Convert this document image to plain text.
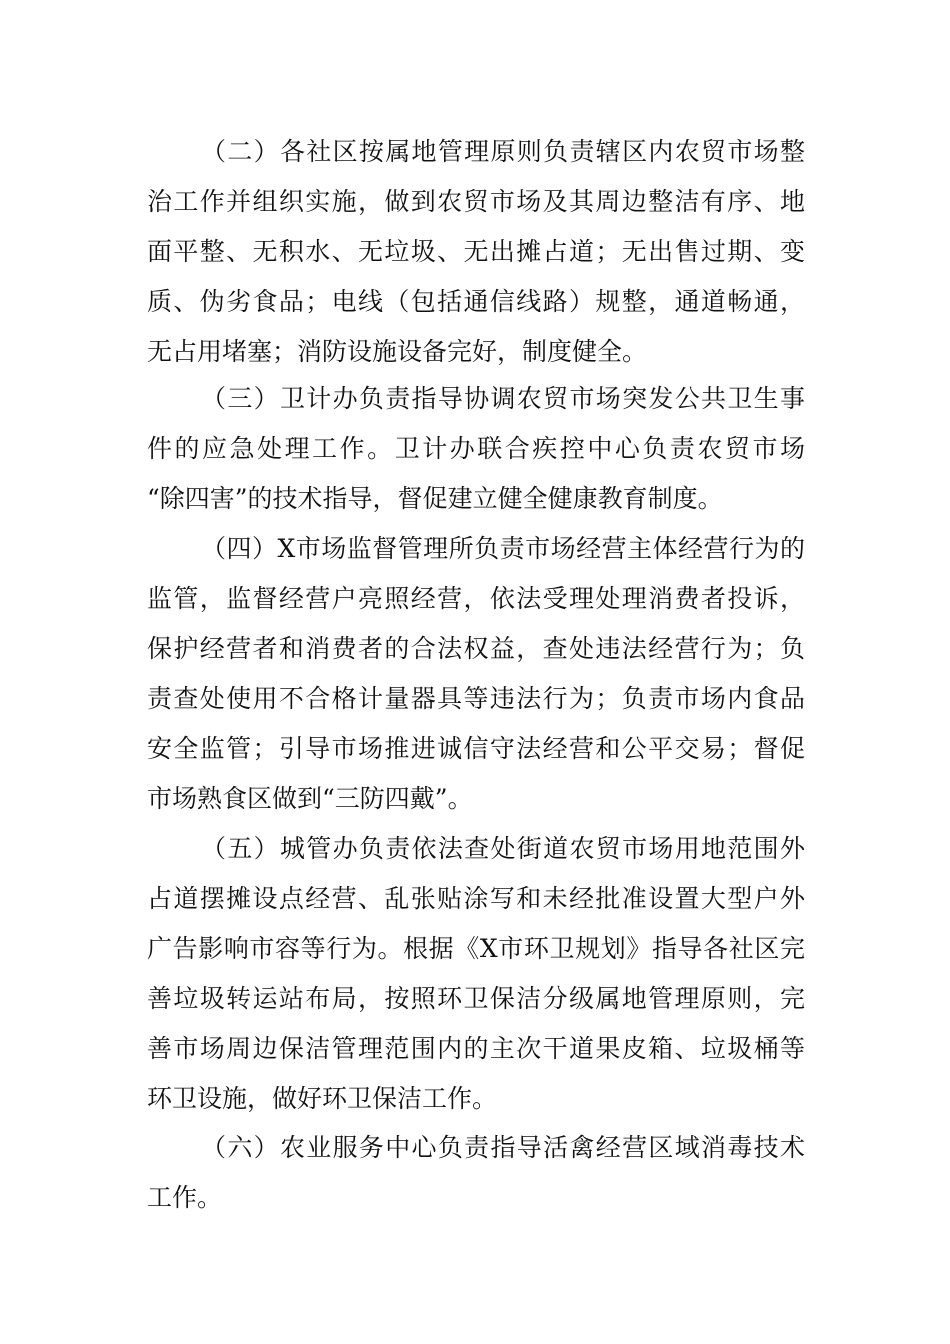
（二）各社区按属地管理原则负责辖区内农贸市场整
治工作并组织实施，做到农贸市场及其周边整洁有序、地
面平整、无积水、无垃圾、无出摊占道；无出售过期、变
质、伪劣食品；电线（包括通信线路）规整，通道畅通，
无占用堵塞；消防设施设备完好，制度健全。
（三）卫计办负责指导协调农贸市场突发公共卫生事
件的应急处理工作。卫计办联合疾控中心负责农贸市场
“除四害”的技术指导，督促建立健全健康教育制度。
（四）X市场监督管理所负责市场经营主体经营行为的
监管，监督经营户亮照经营，依法受理处理消费者投诉，
保护经营者和消费者的合法权益，查处违法经营行为；负
责查处使用不合格计量器具等违法行为；负责市场内食品
安全监管；引导市场推进诚信守法经营和公平交易；督促
市场熟食区做到“三防四戴”。
（五）城管办负责依法查处街道农贸市场用地范围外
占道摆摊设点经营、乱张贴涂写和未经批准设置大型户外
广告影响市容等行为。根据《X市环卫规划》指导各社区完
善垃圾转运站布局，按照环卫保洁分级属地管理原则，完
善市场周边保洁管理范围内的主次干道果皮箱、垃圾桶等
环卫设施，做好环卫保洁工作。
（六）农业服务中心负责指导活禽经营区域消毒技术
工作。
